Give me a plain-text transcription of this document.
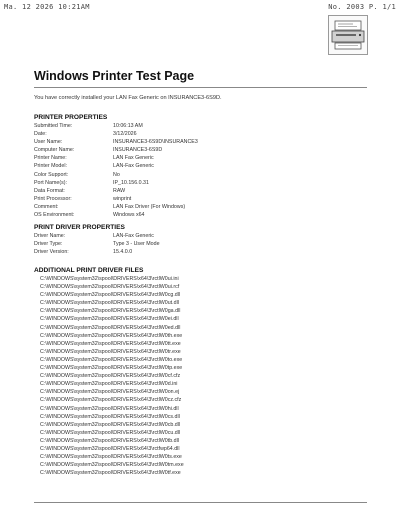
Ma. 12 2026 10:21AM	No. 2003 P. 1/1
Windows Printer Test Page
You have correctly installed your LAN Fax Generic on INSURANCE3-6S9D.
PRINTER PROPERTIES
Submitted Time:	10:06:13 AM
Date:	3/12/2026
User Name:	INSURANCE3-6S9D\INSURANCE3
Computer Name:	INSURANCE3-6S9D
Printer Name:	LAN Fax Generic
Printer Model:	LAN-Fax Generic
Color Support:	No
Port Name(s):	IP_10.156.0.31
Data Format:	RAW
Print Processor:	winprint
Comment:	LAN Fax Driver (For Windows)
OS Environment:	Windows x64
PRINT DRIVER PROPERTIES
Driver Name:	LAN-Fax Generic
Driver Type:	Type 3 - User Mode
Driver Version:	15.4.0.0
ADDITIONAL PRINT DRIVER FILES
C:\WINDOWS\system32\spool\DRIVERS\x64\3\rctlW0ui.ini
C:\WINDOWS\system32\spool\DRIVERS\x64\3\rctlW0ui.rcf
C:\WINDOWS\system32\spool\DRIVERS\x64\3\rctlW0cg.dll
C:\WINDOWS\system32\spool\DRIVERS\x64\3\rctlW0ut.dll
C:\WINDOWS\system32\spool\DRIVERS\x64\3\rctlW0ga.dll
C:\WINDOWS\system32\spool\DRIVERS\x64\3\rctlW0ei.dll
C:\WINDOWS\system32\spool\DRIVERS\x64\3\rctlW0ed.dll
C:\WINDOWS\system32\spool\DRIVERS\x64\3\rctlW0th.exe
C:\WINDOWS\system32\spool\DRIVERS\x64\3\rctlW0tt.exe
C:\WINDOWS\system32\spool\DRIVERS\x64\3\rctlW0tr.exe
C:\WINDOWS\system32\spool\DRIVERS\x64\3\rctlW0to.exe
C:\WINDOWS\system32\spool\DRIVERS\x64\3\rctlW0tp.exe
C:\WINDOWS\system32\spool\DRIVERS\x64\3\rctlW0cf.cfz
C:\WINDOWS\system32\spool\DRIVERS\x64\3\rctlW0d.ini
C:\WINDOWS\system32\spool\DRIVERS\x64\3\rctlW0on.ej
C:\WINDOWS\system32\spool\DRIVERS\x64\3\rctlW0cz.cfz
C:\WINDOWS\system32\spool\DRIVERS\x64\3\rctlW0hi.dll
C:\WINDOWS\system32\spool\DRIVERS\x64\3\rctlW0cs.dll
C:\WINDOWS\system32\spool\DRIVERS\x64\3\rctlW0cb.dll
C:\WINDOWS\system32\spool\DRIVERS\x64\3\rctlW0cu.dll
C:\WINDOWS\system32\spool\DRIVERS\x64\3\rctlW0tb.dll
C:\WINDOWS\system32\spool\DRIVERS\x64\3\rctfwp64.dll
C:\WINDOWS\system32\spool\DRIVERS\x64\3\rctlW0ts.exe
C:\WINDOWS\system32\spool\DRIVERS\x64\3\rctlW0tm.exe
C:\WINDOWS\system32\spool\DRIVERS\x64\3\rctlW0tf.exe
